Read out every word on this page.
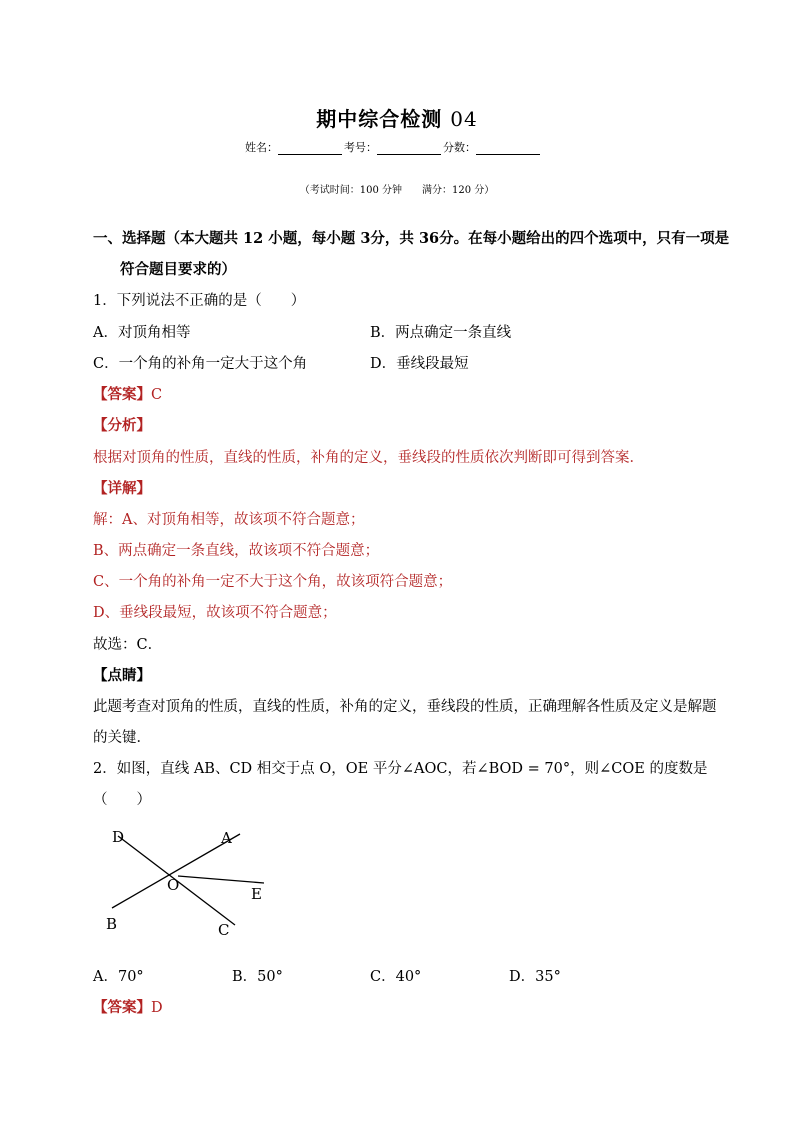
期中综合检测 04
姓名：	考号：	分数：
（考试时间：100 分钟　　满分：120 分）
一、选择题（本大题共 12 小题，每小题 3分，共 36分。在每小题给出的四个选项中，只有一项是
符合题目要求的）
1．下列说法不正确的是（　　）
A．对顶角相等	B．两点确定一条直线
C．一个角的补角一定大于这个角	D．垂线段最短
【答案】C
【分析】
根据对顶角的性质，直线的性质，补角的定义，垂线段的性质依次判断即可得到答案．
【详解】
解：A、对顶角相等，故该项不符合题意；
B、两点确定一条直线，故该项不符合题意；
C、一个角的补角一定不大于这个角，故该项符合题意；
D、垂线段最短，故该项不符合题意；
故选：C．
【点睛】
此题考查对顶角的性质，直线的性质，补角的定义，垂线段的性质，正确理解各性质及定义是解题
的关键．
2．如图，直线 AB、CD 相交于点 O，OE 平分∠AOC，若∠BOD = 70°，则∠COE 的度数是
（　　）
D	A
O	E
B	C
A．70°	B．50°	C．40°	D．35°
【答案】D
